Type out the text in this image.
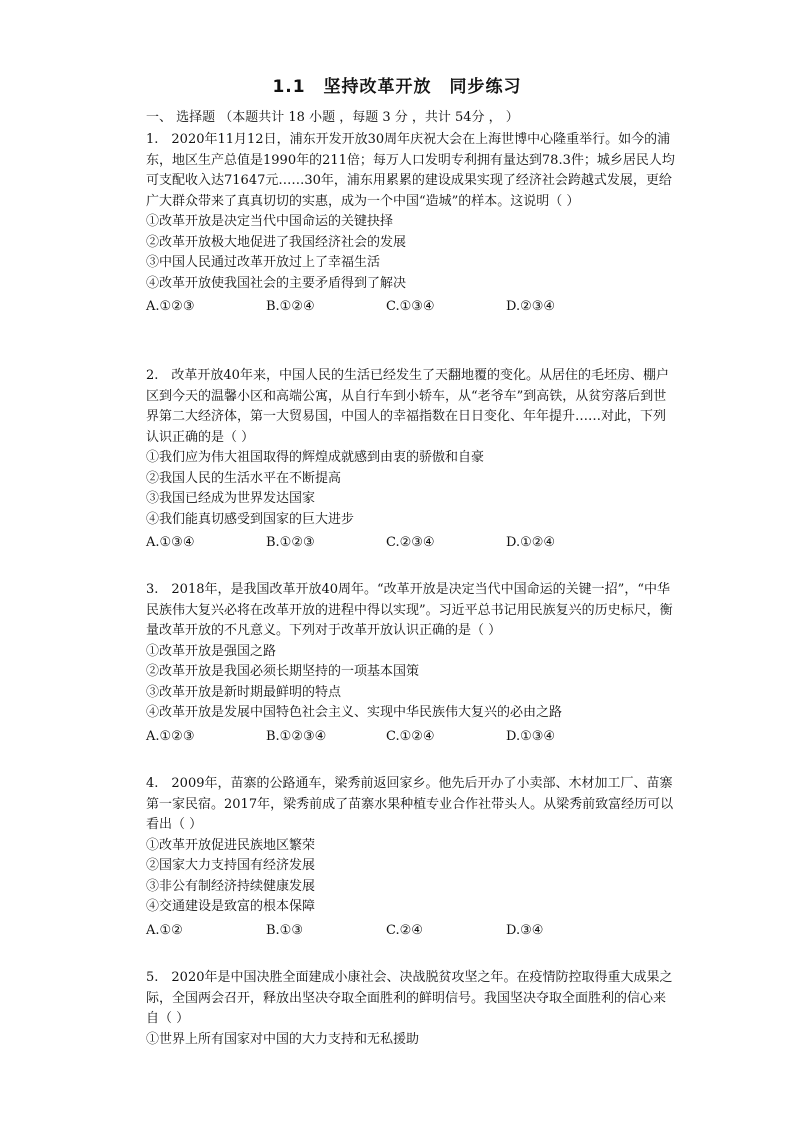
1.1　坚持改革开放　同步练习
一、 选择题 （本题共计 18 小题 ，每题 3 分 ，共计 54分 ， ）

1.　2020年11月12日，浦东开发开放30周年庆祝大会在上海世博中心隆重举行。如今的浦东，地区生产总值是1990年的211倍；每万人口发明专利拥有量达到78.3件；城乡居民人均可支配收入达71647元……30年，浦东用累累的建设成果实现了经济社会跨越式发展，更给广大群众带来了真真切切的实惠，成为一个中国“造城”的样本。这说明（ ）

①改革开放是决定当代中国命运的关键抉择

②改革开放极大地促进了我国经济社会的发展

③中国人民通过改革开放过上了幸福生活

④改革开放使我国社会的主要矛盾得到了解决

A.①②③	B.①②④	C.①③④	D.②③④

2.　改革开放40年来，中国人民的生活已经发生了天翻地覆的变化。从居住的毛坯房、棚户区到今天的温馨小区和高端公寓，从自行车到小轿车，从“老爷车”到高铁，从贫穷落后到世界第二大经济体，第一大贸易国，中国人的幸福指数在日日变化、年年提升……对此，下列认识正确的是（ ）

①我们应为伟大祖国取得的辉煌成就感到由衷的骄傲和自豪

②我国人民的生活水平在不断提高

③我国已经成为世界发达国家

④我们能真切感受到国家的巨大进步

A.①③④	B.①②③	C.②③④	D.①②④

3.　2018年，是我国改革开放40周年。“改革开放是决定当代中国命运的关键一招”，“中华民族伟大复兴必将在改革开放的进程中得以实现”。习近平总书记用民族复兴的历史标尺，衡量改革开放的不凡意义。下列对于改革开放认识正确的是（ ）

①改革开放是强国之路

②改革开放是我国必须长期坚持的一项基本国策

③改革开放是新时期最鲜明的特点

④改革开放是发展中国特色社会主义、实现中华民族伟大复兴的必由之路

A.①②③	B.①②③④	C.①②④	D.①③④

4.　2009年，苗寨的公路通车，梁秀前返回家乡。他先后开办了小卖部、木材加工厂、苗寨第一家民宿。2017年，梁秀前成了苗寨水果种植专业合作社带头人。从梁秀前致富经历可以看出（ ）

①改革开放促进民族地区繁荣

②国家大力支持国有经济发展

③非公有制经济持续健康发展

④交通建设是致富的根本保障

A.①②	B.①③	C.②④	D.③④

5.　2020年是中国决胜全面建成小康社会、决战脱贫攻坚之年。在疫情防控取得重大成果之际，全国两会召开，释放出坚决夺取全面胜利的鲜明信号。我国坚决夺取全面胜利的信心来自（ ）

①世界上所有国家对中国的大力支持和无私援助
